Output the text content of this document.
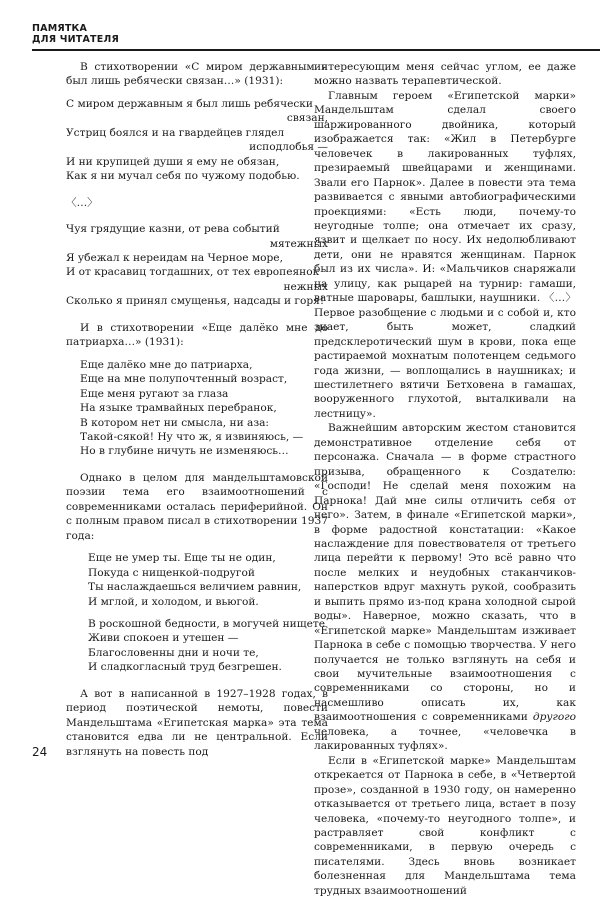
ПАМЯТКА
ДЛЯ ЧИТАТЕЛЯ

В стихотворении «С миром державным я был лишь ребячески связан…» (1931):

С миром державным я был лишь ребячески
связан,
Устриц боялся и на гвардейцев глядел
исподлобья —
И ни крупицей души я ему не обязан,
Как я ни мучал себя по чужому подобью.
〈…〉
Чуя грядущие казни, от рева событий
мятежных
Я убежал к нереидам на Черное море,
И от красавиц тогдашних, от тех европеянок
нежных
Сколько я принял смущенья, надсады и горя!

И в стихотворении «Еще далёко мне до патриарха…» (1931):

Еще далёко мне до патриарха,
Еще на мне полупочтенный возраст,
Еще меня ругают за глаза
На языке трамвайных перебранок,
В котором нет ни смысла, ни аза:
Такой-сякой! Ну что ж, я извиняюсь, —
Но в глубине ничуть не изменяюсь…

Однако в целом для мандельштамовской поэзии тема его взаимоотношений с современниками осталась периферийной. Он с полным правом писал в стихотворении 1937 года:

Еще не умер ты. Еще ты не один,
Покуда с нищенкой-подругой
Ты наслаждаешься величием равнин,
И мглой, и холодом, и вьюгой.
В роскошной бедности, в могучей нищете
Живи спокоен и утешен —
Благословенны дни и ночи те,
И сладкогласный труд безгрешен.

А вот в написанной в 1927–1928 годах, в период поэтической немоты, повести Мандельштама «Египетская марка» эта тема становится едва ли не центральной. Если взглянуть на повесть под

интересующим меня сейчас углом, ее даже можно назвать терапевтической.

Главным героем «Египетской марки» Мандельштам сделал своего шаржированного двойника, который изображается так: «Жил в Петербурге человечек в лакированных туфлях, презираемый швейцарами и женщинами. Звали его Парнок». Далее в повести эта тема развивается с явными автобиографическими проекциями: «Есть люди, почему-то неугодные толпе; она отмечает их сразу, язвит и щелкает по носу. Их недолюбливают дети, они не нравятся женщинам. Парнок был из их числа». И: «Мальчиков снаряжали на улицу, как рыцарей на турнир: гамаши, ватные шаровары, башлыки, наушники. 〈…〉 Первое разобщение с людьми и с собой и, кто знает, быть может, сладкий предсклеротический шум в крови, пока еще растираемой мохнатым полотенцем седьмого года жизни, — воплощались в наушниках; и шестилетнего вятичи Бетховена в гамашах, вооруженного глухотой, выталкивали на лестницу».

Важнейшим авторским жестом становится демонстративное отделение себя от персонажа. Сначала — в форме страстного призыва, обращенного к Создателю: «Господи! Не сделай меня похожим на Парнока! Дай мне силы отличить себя от него». Затем, в финале «Египетской марки», в форме радостной констатации: «Какое наслаждение для повествователя от третьего лица перейти к первому! Это всё равно что после мелких и неудобных стаканчиков-наперстков вдруг махнуть рукой, сообразить и выпить прямо из-под крана холодной сырой воды». Наверное, можно сказать, что в «Египетской марке» Мандельштам изживает Парнока в себе с помощью творчества. У него получается не только взглянуть на себя и свои мучительные взаимоотношения с современниками со стороны, но и насмешливо описать их, как взаимоотношения с современниками другого человека, а точнее, «человечка в лакированных туфлях».

Если в «Египетской марке» Мандельштам открекается от Парнока в себе, в «Четвертой прозе», созданной в 1930 году, он намеренно отказывается от третьего лица, встает в позу человека, «почему-то неугодного толпе», и растравляет свой конфликт с современниками, в первую очередь с писателями. Здесь вновь возникает болезненная для Мандельштама тема трудных взаимоотношений

24
